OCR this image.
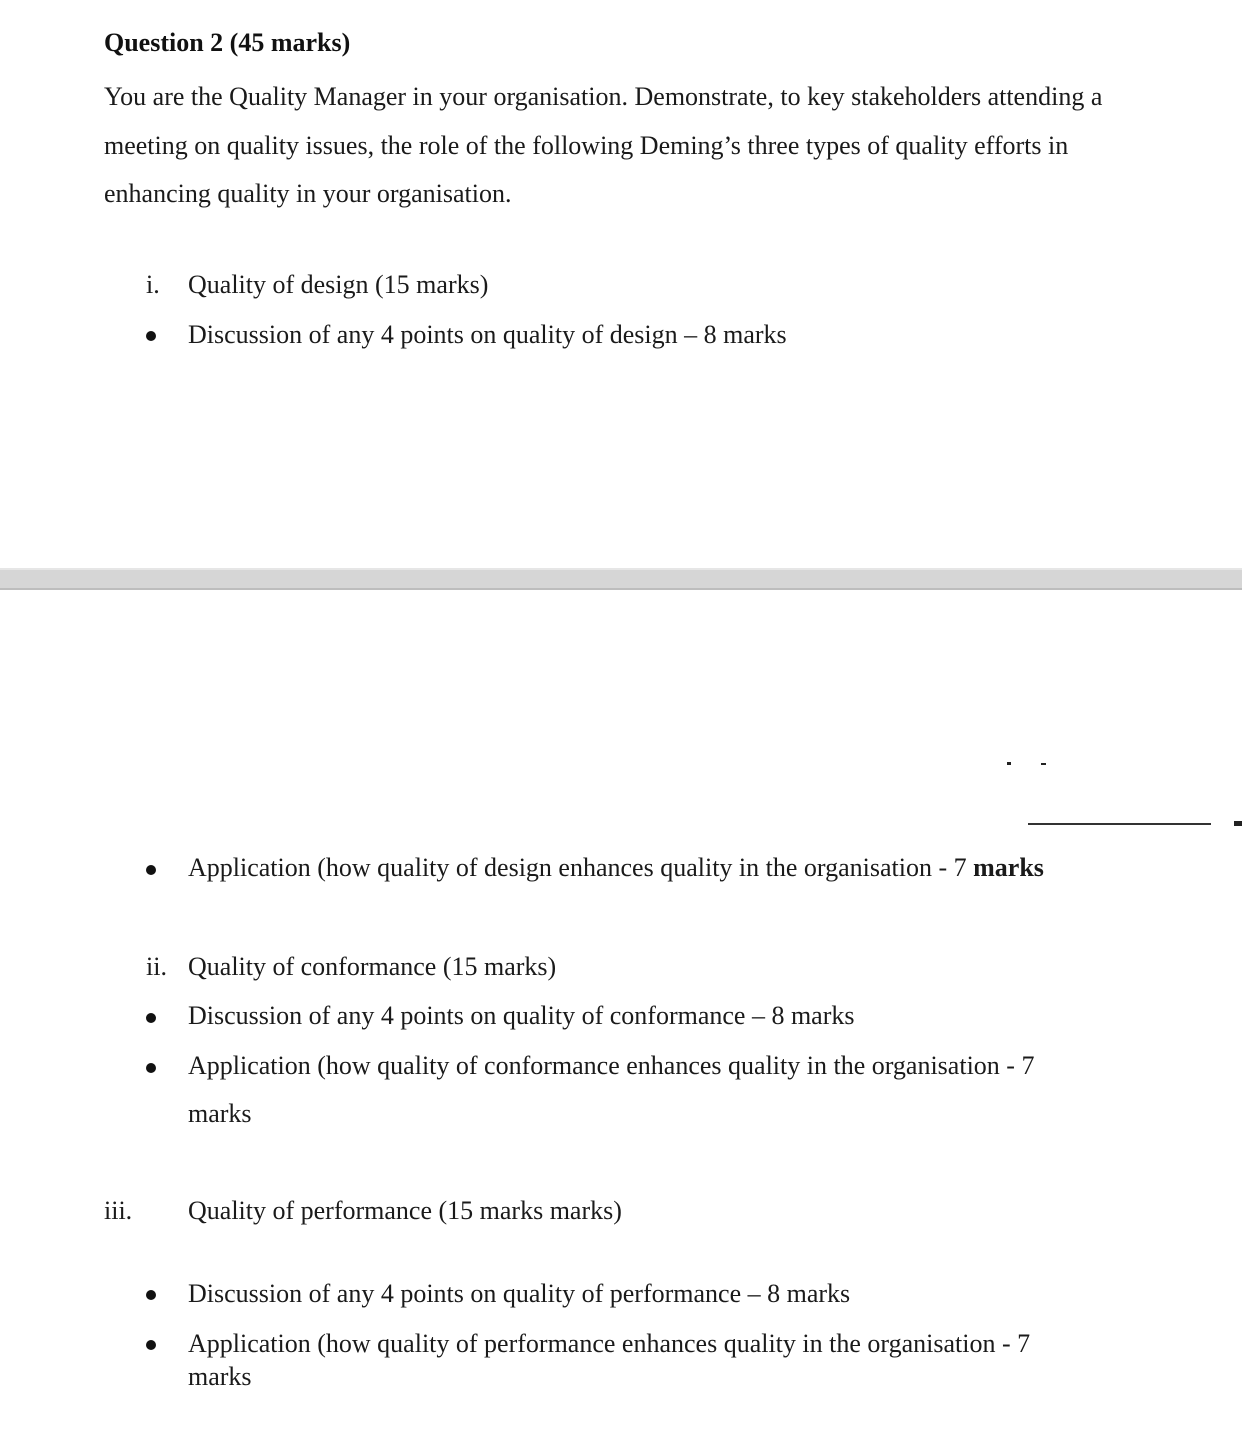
Question 2 (45 marks)
You are the Quality Manager in your organisation. Demonstrate, to key stakeholders attending a meeting on quality issues, the role of the following Deming’s three types of quality efforts in enhancing quality in your organisation.
i. Quality of design (15 marks)
Discussion of any 4 points on quality of design – 8 marks
Application (how quality of design enhances quality in the organisation - 7 marks
ii. Quality of conformance (15 marks)
Discussion of any 4 points on quality of conformance – 8 marks
Application (how quality of conformance enhances quality in the organisation - 7
marks
iii. Quality of performance (15 marks marks)
Discussion of any 4 points on quality of performance – 8 marks
Application (how quality of performance enhances quality in the organisation - 7
marks
